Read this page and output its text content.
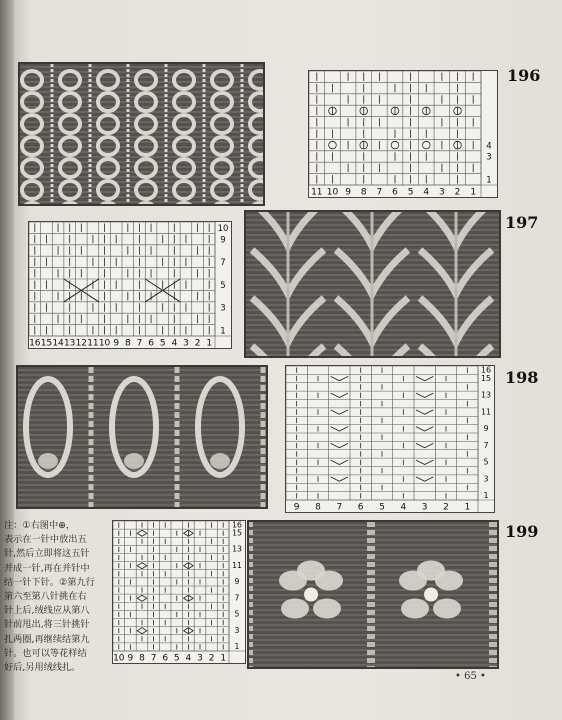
11 10 9 8 7 6 5 4 3 2 1
1
3
4
196
16 15 14 13 12 11 10 9 8 7 6 5 4 3 2 1
1
3
5
7
9
10	197
9 8 7 6 5 4 3 2 1
1
3
5
7
9
11
13
15
16 198
注：①右图中⊕，
表示在一针中放出五
针,然后立即将这五针
并成一针,再在并针中
结一针下针。②第九行
第六至第八针挑在右
针上后,绒线应从第八
针前甩出,将三针挑针
扎两圈,再继续结第九
针。也可以等花样结
好后,另用绒线扎。
10 9 8 7 6 5 4 3 2 1
1
3
5
7
9
11
13
15
16	199
• 65 •
